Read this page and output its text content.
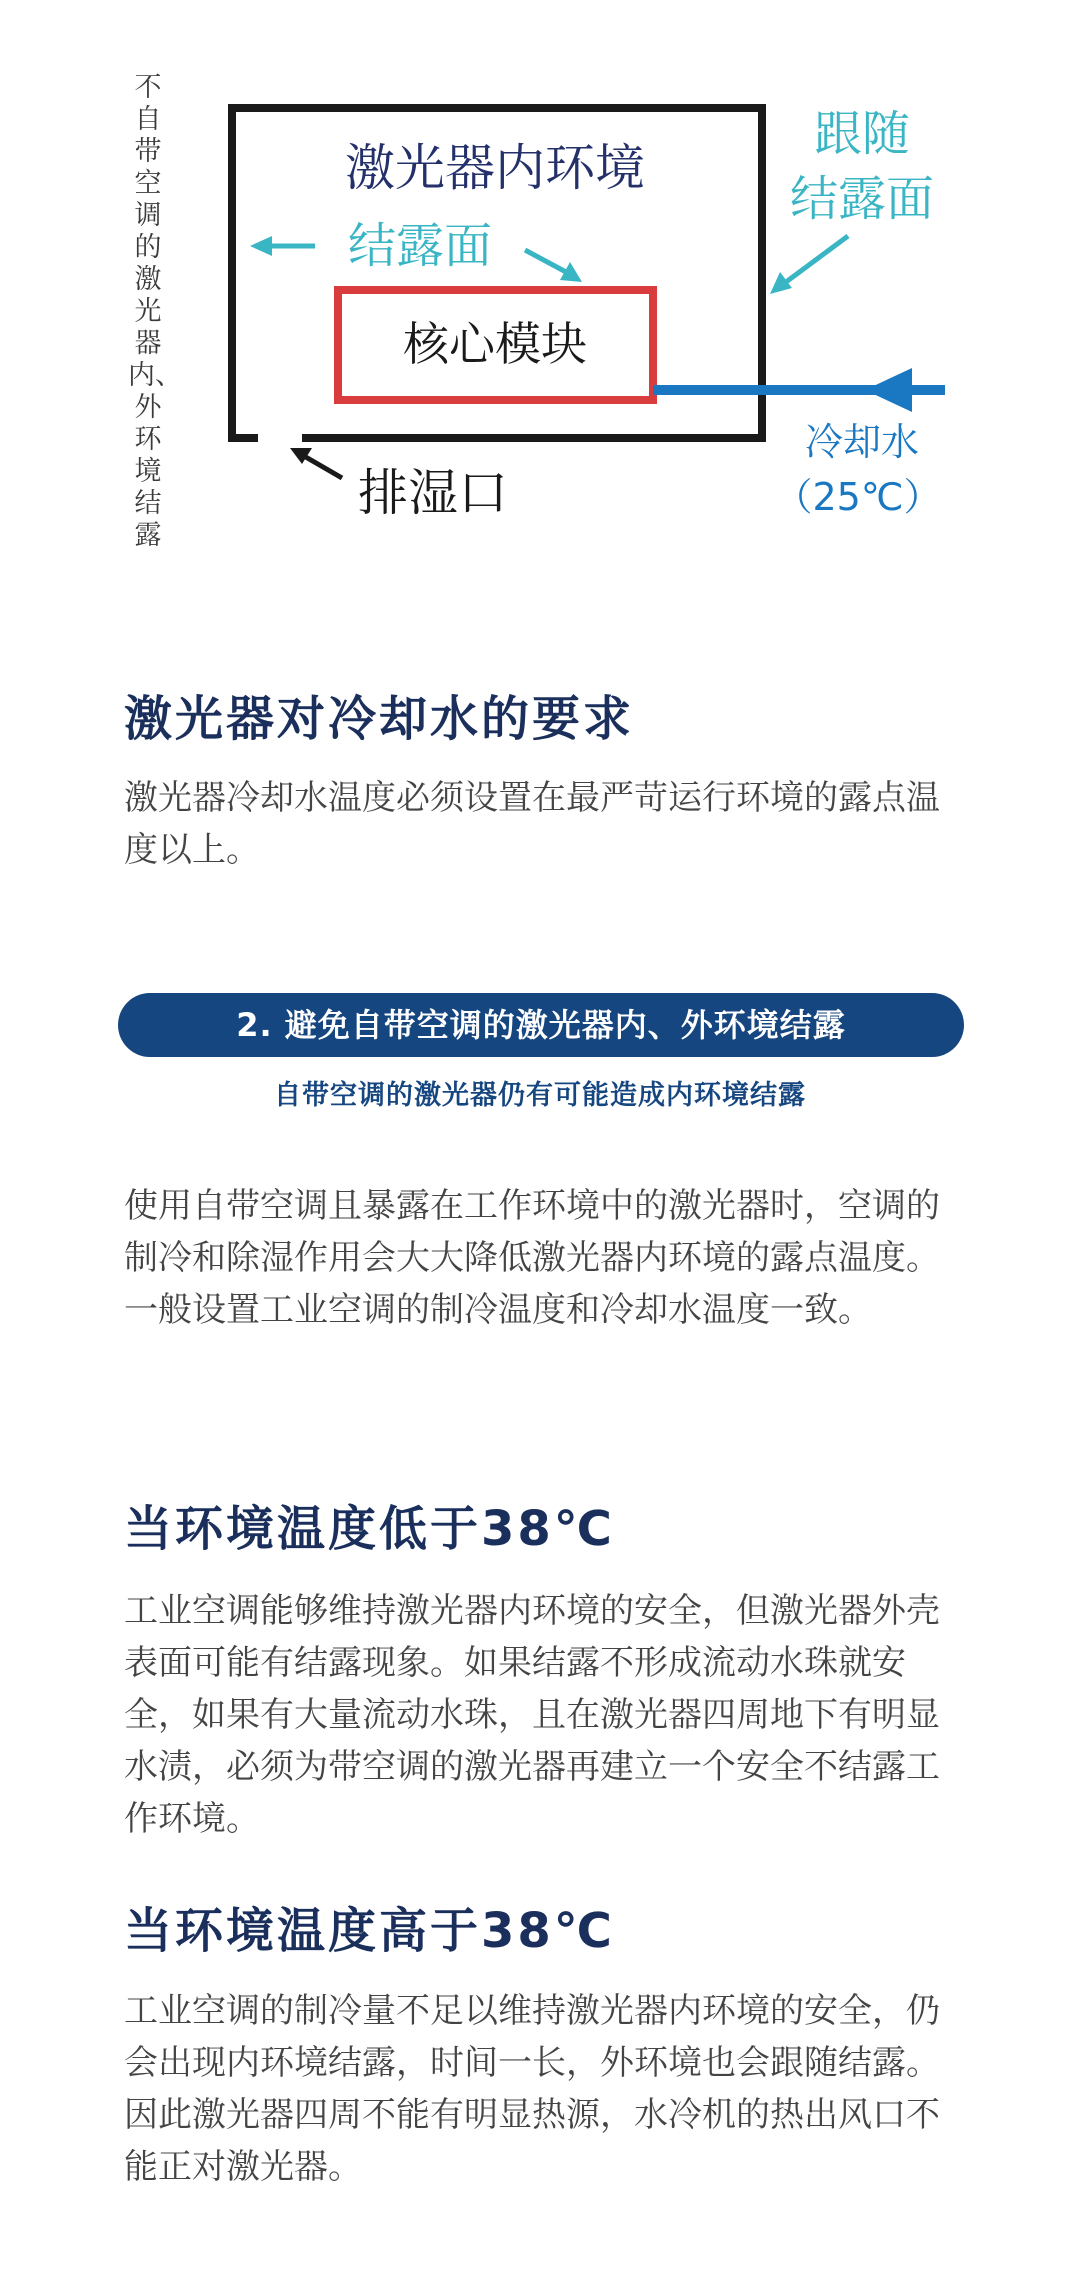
不自带空调的激光器内、外环境结露
核心模块
激光器内环境
结露面
跟随
结露面
冷却水
（25℃）
排湿口
激光器对冷却水的要求

激光器冷却水温度必须设置在最严苛运行环境的露点温度以上。

2. 避免自带空调的激光器内、外环境结露
自带空调的激光器仍有可能造成内环境结露

使用自带空调且暴露在工作环境中的激光器时，空调的制冷和除湿作用会大大降低激光器内环境的露点温度。一般设置工业空调的制冷温度和冷却水温度一致。

当环境温度低于38℃

工业空调能够维持激光器内环境的安全，但激光器外壳表面可能有结露现象。如果结露不形成流动水珠就安全，如果有大量流动水珠，且在激光器四周地下有明显水渍，必须为带空调的激光器再建立一个安全不结露工作环境。

当环境温度高于38℃

工业空调的制冷量不足以维持激光器内环境的安全，仍会出现内环境结露，时间一长，外环境也会跟随结露。因此激光器四周不能有明显热源，水冷机的热出风口不能正对激光器。
